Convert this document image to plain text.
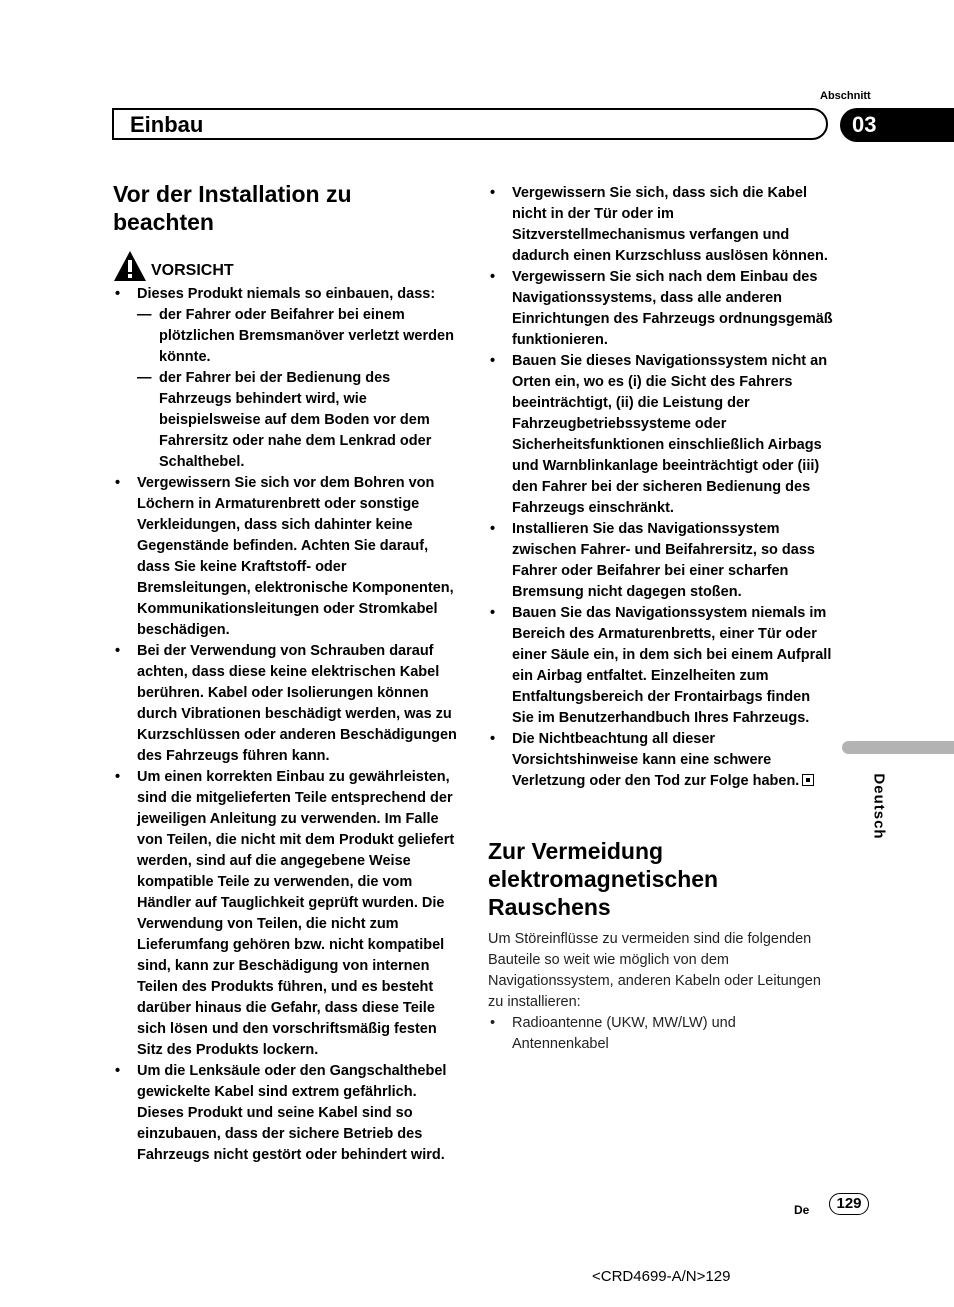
Abschnitt
Einbau	03
Deutsch
Vor der Installation zu beachten
VORSICHT
• Dieses Produkt niemals so einbauen, dass:
— der Fahrer oder Beifahrer bei einem plötzlichen Bremsmanöver verletzt werden könnte.
— der Fahrer bei der Bedienung des Fahrzeugs behindert wird, wie beispielsweise auf dem Boden vor dem Fahrersitz oder nahe dem Lenkrad oder Schalthebel.
• Vergewissern Sie sich vor dem Bohren von Löchern in Armaturenbrett oder sonstige Verkleidungen, dass sich dahinter keine Gegenstände befinden. Achten Sie darauf, dass Sie keine Kraftstoff- oder Bremsleitungen, elektronische Komponenten, Kommunikationsleitungen oder Stromkabel beschädigen.
• Bei der Verwendung von Schrauben darauf achten, dass diese keine elektrischen Kabel berühren. Kabel oder Isolierungen können durch Vibrationen beschädigt werden, was zu Kurzschlüssen oder anderen Beschädigungen des Fahrzeugs führen kann.
• Um einen korrekten Einbau zu gewährleisten, sind die mitgelieferten Teile entsprechend der jeweiligen Anleitung zu verwenden. Im Falle von Teilen, die nicht mit dem Produkt geliefert werden, sind auf die angegebene Weise kompatible Teile zu verwenden, die vom Händler auf Tauglichkeit geprüft wurden. Die Verwendung von Teilen, die nicht zum Lieferumfang gehören bzw. nicht kompatibel sind, kann zur Beschädigung von internen Teilen des Produkts führen, und es besteht darüber hinaus die Gefahr, dass diese Teile sich lösen und den vorschriftsmäßig festen Sitz des Produkts lockern.
• Um die Lenksäule oder den Gangschalthebel gewickelte Kabel sind extrem gefährlich. Dieses Produkt und seine Kabel sind so einzubauen, dass der sichere Betrieb des Fahrzeugs nicht gestört oder behindert wird.
• Vergewissern Sie sich, dass sich die Kabel nicht in der Tür oder im Sitzverstellmechanismus verfangen und dadurch einen Kurzschluss auslösen können.
• Vergewissern Sie sich nach dem Einbau des Navigationssystems, dass alle anderen Einrichtungen des Fahrzeugs ordnungsgemäß funktionieren.
• Bauen Sie dieses Navigationssystem nicht an Orten ein, wo es (i) die Sicht des Fahrers beeinträchtigt, (ii) die Leistung der Fahrzeugbetriebssysteme oder Sicherheitsfunktionen einschließlich Airbags und Warnblinkanlage beeinträchtigt oder (iii) den Fahrer bei der sicheren Bedienung des Fahrzeugs einschränkt.
• Installieren Sie das Navigationssystem zwischen Fahrer- und Beifahrersitz, so dass Fahrer oder Beifahrer bei einer scharfen Bremsung nicht dagegen stoßen.
• Bauen Sie das Navigationssystem niemals im Bereich des Armaturenbretts, einer Tür oder einer Säule ein, in dem sich bei einem Aufprall ein Airbag entfaltet. Einzelheiten zum Entfaltungsbereich der Frontairbags finden Sie im Benutzerhandbuch Ihres Fahrzeugs.
• Die Nichtbeachtung all dieser Vorsichtshinweise kann eine schwere Verletzung oder den Tod zur Folge haben.
Zur Vermeidung elektromagnetischen Rauschens
Um Störeinflüsse zu vermeiden sind die folgenden Bauteile so weit wie möglich von dem Navigationssystem, anderen Kabeln oder Leitungen zu installieren:
• Radioantenne (UKW, MW/LW) und Antennenkabel
De	129
<CRD4699-A/N>129
